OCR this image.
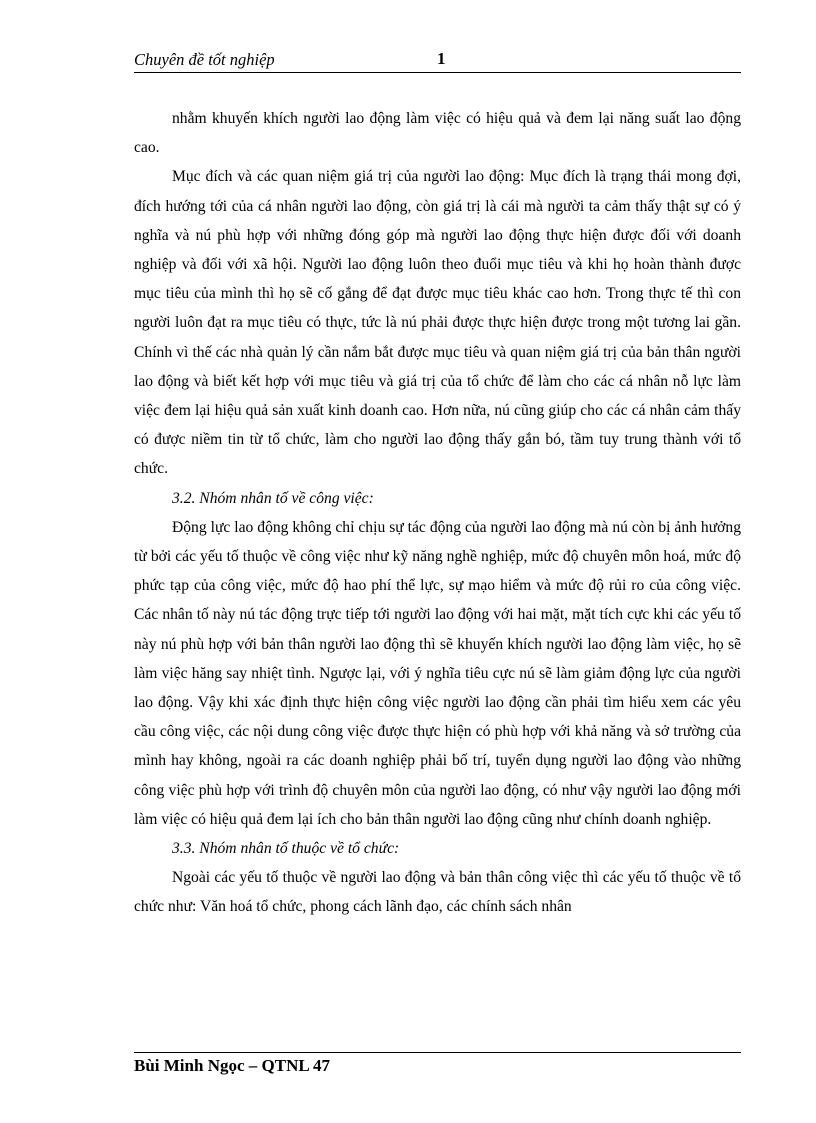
Chuyên đề tốt nghiệp	1

nhằm khuyến khích người lao động làm việc có hiệu quả và đem lại năng suất lao động cao.

Mục đích và các quan niệm giá trị của người lao động: Mục đích là trạng thái mong đợi, đích hướng tới của cá nhân người lao động, còn giá trị là cái mà người ta cảm thấy thật sự có ý nghĩa và nú phù hợp với những đóng góp mà người lao động thực hiện được đối với doanh nghiệp và đối với xã hội. Người lao động luôn theo đuổi mục tiêu và khi họ hoàn thành được mục tiêu của mình thì họ sẽ cố gắng để đạt được mục tiêu khác cao hơn. Trong thực tế thì con người luôn đạt ra mục tiêu có thực, tức là nú phải được thực hiện được trong một tương lai gần. Chính vì thế các nhà quản lý cần nắm bắt được mục tiêu và quan niệm giá trị của bản thân người lao động và biết kết hợp với mục tiêu và giá trị của tổ chức để làm cho các cá nhân nỗ lực làm việc đem lại hiệu quả sản xuất kinh doanh cao. Hơn nữa, nú cũng giúp cho các cá nhân cảm thấy có được niềm tin từ tổ chức, làm cho người lao động thấy gắn bó, tầm tuy trung thành với tổ chức.

3.2. Nhóm nhân tố về công việc:

Động lực lao động không chỉ chịu sự tác động của người lao động mà nú còn bị ảnh hưởng từ bởi các yếu tố thuộc về công việc như kỹ năng nghề nghiệp, mức độ chuyên môn hoá, mức độ phức tạp của công việc, mức độ hao phí thể lực, sự mạo hiểm và mức độ rủi ro của công việc. Các nhân tố này nú tác động trực tiếp tới người lao động với hai mặt, mặt tích cực khi các yếu tố này nú phù hợp với bản thân người lao động thì sẽ khuyến khích người lao động làm việc, họ sẽ làm việc hăng say nhiệt tình. Ngược lại, với ý nghĩa tiêu cực nú sẽ làm giảm động lực của người lao động. Vậy khi xác định thực hiện công việc người lao động cần phải tìm hiểu xem các yêu cầu công việc, các nội dung công việc được thực hiện có phù hợp với khả năng và sở trường của mình hay không, ngoài ra các doanh nghiệp phải bố trí, tuyển dụng người lao động vào những công việc phù hợp với trình độ chuyên môn của người lao động, có như vậy người lao động mới làm việc có hiệu quả đem lại ích cho bản thân người lao động cũng như chính doanh nghiệp.

3.3. Nhóm nhân tố thuộc về tổ chức:

Ngoài các yếu tố thuộc về người lao động và bản thân công việc thì các yếu tố thuộc về tổ chức như: Văn hoá tổ chức, phong cách lãnh đạo, các chính sách nhân

Bùi Minh Ngọc – QTNL 47
